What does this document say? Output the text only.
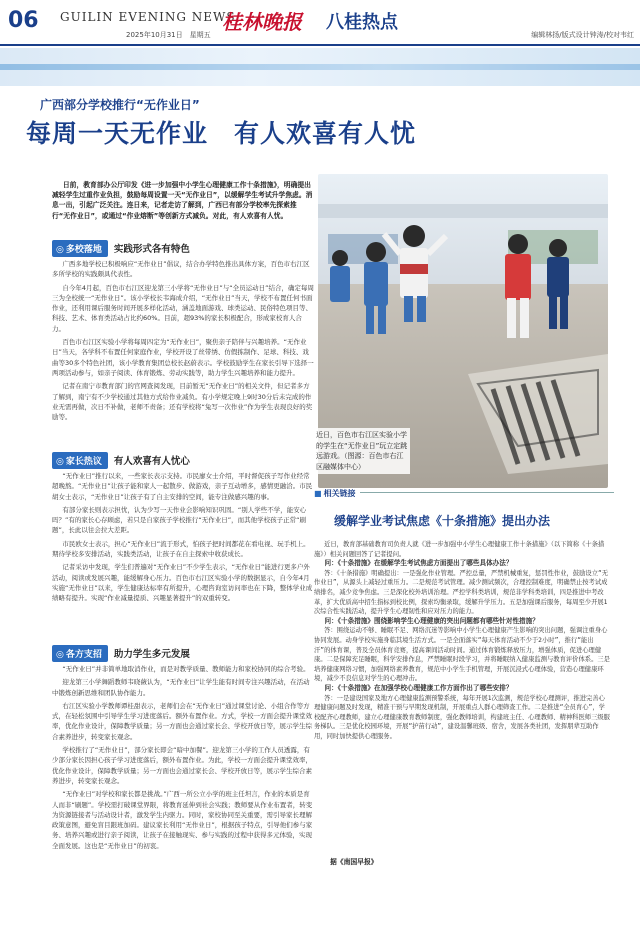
06 GUILIN EVENING NEWS
2025年10月31日　星期五
桂林晚报 八桂热点
编辑林扬/版式设计钟涛/校对韦红
广西部分学校推行“无作业日”
每周一天无作业　有人欢喜有人忧
日前，教育部办公厅印发《进一步加强中小学生心理健康工作十条措施》，明确提出减轻学生过重作业负担，鼓励每周设置一天“无作业日”，以缓解学生考试升学焦虑。消息一出，引起广泛关注。连日来，记者走访了解到，广西已有部分学校率先探索推行“无作业日”，或通过“作业熔断”等创新方式减负。对此，有人欢喜有人忧。
◎ 多校落地	实践形式各有特色

广西多地学校已积极响应“无作业日”倡议，结合办学特色推出具体方案，百色市右江区多所学校的实践颇具代表性。

自今年4月起，百色市右江区迎龙第三小学将“无作业日”与“全员运动日”结合，确定每周三为全校统一“无作业日”。该小学校长韦海成介绍，“无作业日”当天，学校不布置任何书面作业，还利用课后服务时间开展多样化活动，涵盖地面游戏、球类运动、民俗特色项目等、科技、艺术、体育类活动占比约60%。目前，超93%的家长积极配合，形成家校育人合力。

百色市右江区实验小学将每周四定为“无作业日”，聚焦亲子陪伴与兴趣培养。“无作业日”当天，各学科不布置任何家庭作业，学校开设了丝带绣、仿假拣制作、足球、科技、戏曲等30多个特色社团，该小学教育集团总校长赵蔚表示。学校鼓励学生在家长引导下选择一两项活动参与，如亲子阅读、体育锻炼、劳动实践等，助力学生兴趣培养和能力提升。

记者在南宁市教育部门的官网查阅发现，目前暂无“无作业日”的相关文件，但记者多方了解到，南宁有不少学校通过其他方式给作业减负。有小学规定晚上9时30分后未完成的作业无需再做，次日不补做，老师不责备；还有学校将“兔写一次作业”作为学生表现良好的奖励等。

◎ 家长热议	有人欢喜有人忧心

“无作业日”推行以来，一些家长表示支持。市民廖女士介绍，平时督促孩子写作业经常超晚熬。“无作业日”让孩子能和家人一起散步、做游戏，亲子互动增多，感情更融洽。市民胡女士表示，“无作业日”让孩子有了自主安排的空间，能专注做感兴趣的事。

有部分家长则表示担忧，认为少写一天作业会影响知识巩固。“别人学些不学，能安心吗？”有的家长心存顾虑，若只是自家孩子学校推行“无作业日”，而其他学校孩子正常“刷题”，长此以往会拉大差距。

市民欧女士表示，担心“无作业日”流于形式，怕孩子把时间都花在看电视、玩手机上。期待学校多安排活动，实践类活动，让孩子在自主探索中收获成长。

记者采访中发现，学生们普遍对“无作业日”不少学生表示，“无作业日”能进行更多户外活动，阅读或发展兴趣，能缓解身心压力。百色市右江区实验小学的数据显示，自今年4月实施“无作业日”以来，学生健康达标率有所提升，心理咨询室访问率也在下降，整体学业成绩略有提升。实现“作业减量提质、兴趣显著提升”的双重转变。

◎ 各方支招	助力学生多元发展

“无作业日”并非简单地取消作业，而是对教学质量、教师能力和家校协同的综合考验。

迎龙第三小学舞蹈教师韦晓薇认为，“无作业日”让学生能有时间专注兴趣活动，在活动中锻炼创新思维和团队协作能力。

右江区实验小学教师谭桂甜表示，老师们会在“无作业日”通过课堂讨论、小组合作等方式，在轻松氛围中引导学生学习进度落后。额外布置作业。方式，学校一方面会提升课堂效率，优化作业设计，保障教学质量；另一方面也会通过家长会、学校开放日等，展示学生综合素养进步，转变家长观念。

学校推行了“无作业日”，部分家长即会“暗中加餐”。迎龙第三小学的工作人员透露，有少部分家长因担心孩子学习进度落后，额外布置作业。为此，学校一方面会提升课堂效率，优化作业设计，保障教学质量；另一方面也会通过家长会、学校开放日等，展示学生综合素养进步，转变家长观念。

“无作业日”对学校和家长都是挑战。”广西一所公立小学的班主任坦言，作业的本质是育人而非“刷题”。学校需打破课堂界限，将教育延伸到社会实践；教师要从作业布置者，转变为资源链接者与活动设计者，激发学生内驱力。同时，家校协同至关重要，需引导家长理解政策意图，避免盲目跟班加码。建议家长利用“无作业日”，根据孩子特点，引导他们参与家务、培养兴趣或进行亲子阅读，让孩子在接触现实、参与实践的过程中获得多元体验，实现全面发展。这也是“无作业日”的初衷。

近日，百色市右江区实验小学的学生在“无作业日”玩立定跳远游戏。（图源：百色市右江区融媒体中心）
■ 相关链接
缓解学业考试焦虑《十条措施》提出办法

近日，教育部基础教育司负责人就《进一步加强中小学生心理健康工作十条措施》（以下简称《十条措施》）相关问题回答了记者提问。

问：《十条措施》在缓解学生考试焦虑方面提出了哪些具体办法？

答：《十条措施》明确提出：一是强化作业管理。严控总量，严禁机械重复，惩罚性作业，鼓励设立“无作业日”，从源头上减轻过重压力。二是规范考试管理。减少测试频次，合理控制难度，明确禁止按考试成绩排名，减少竞争焦虑。三是深化校外培训治理。严控学科类培训，规范非学科类培训，四是推进中考改革，扩大优质高中招生指标到校比例，探索均衡录取，缓解升学压力。五是加强课后服务，每周至少开展1次综合性实践活动，提升学生心理韧性和应对压力的能力。

问：《十条措施》围绕影响学生心理健康的突出问题都有哪些针对性措施？

答：围绕运动不够、睡眠不足、网络沉迷等影响中小学生心理健康产生影响的突出问题，强调注重身心协同发展。动身学校实施身临其境生活方式。一是全面落实“每天体育活动不少于2小时”，推行“能出汗”的体育课，普及全员体育竞赛，提高课间活动时间。通过体育锻炼释放压力，增强体质，促进心理健康。二是保障充足睡眠，科学安排作息，严禁睡眠时段学习，并将睡眠纳入健康监测与教育评价体系。三是培养健康网络习惯，加强网络素养教育，规范中小学生手机管理，开展沉浸式心理体验，营造心理健康环境，减少不良信息对学生的心理冲击。

问：《十条措施》在加强学校心理健康工作方面作出了哪些安排？

答：一是建设国家及地方心理健康监测预警系统，每年开展1次监测，规范学校心理测评，推进完善心理健康问题及时发现，精准干预与早期发现机制，开展重点人群心理筛查工作。二是推进“全员育心”，学校配齐心理教师，建立心理健康教育教师制度，强化教师培训，构建班主任、心理教师、精神科医师三级服务梯队。三是优化校园环境，开展“护苗行动”，建设温馨班级、宿舍，发展各类社团，发挥朋辈互助作用，同时加快提供心理服务。

据《南国早报》
